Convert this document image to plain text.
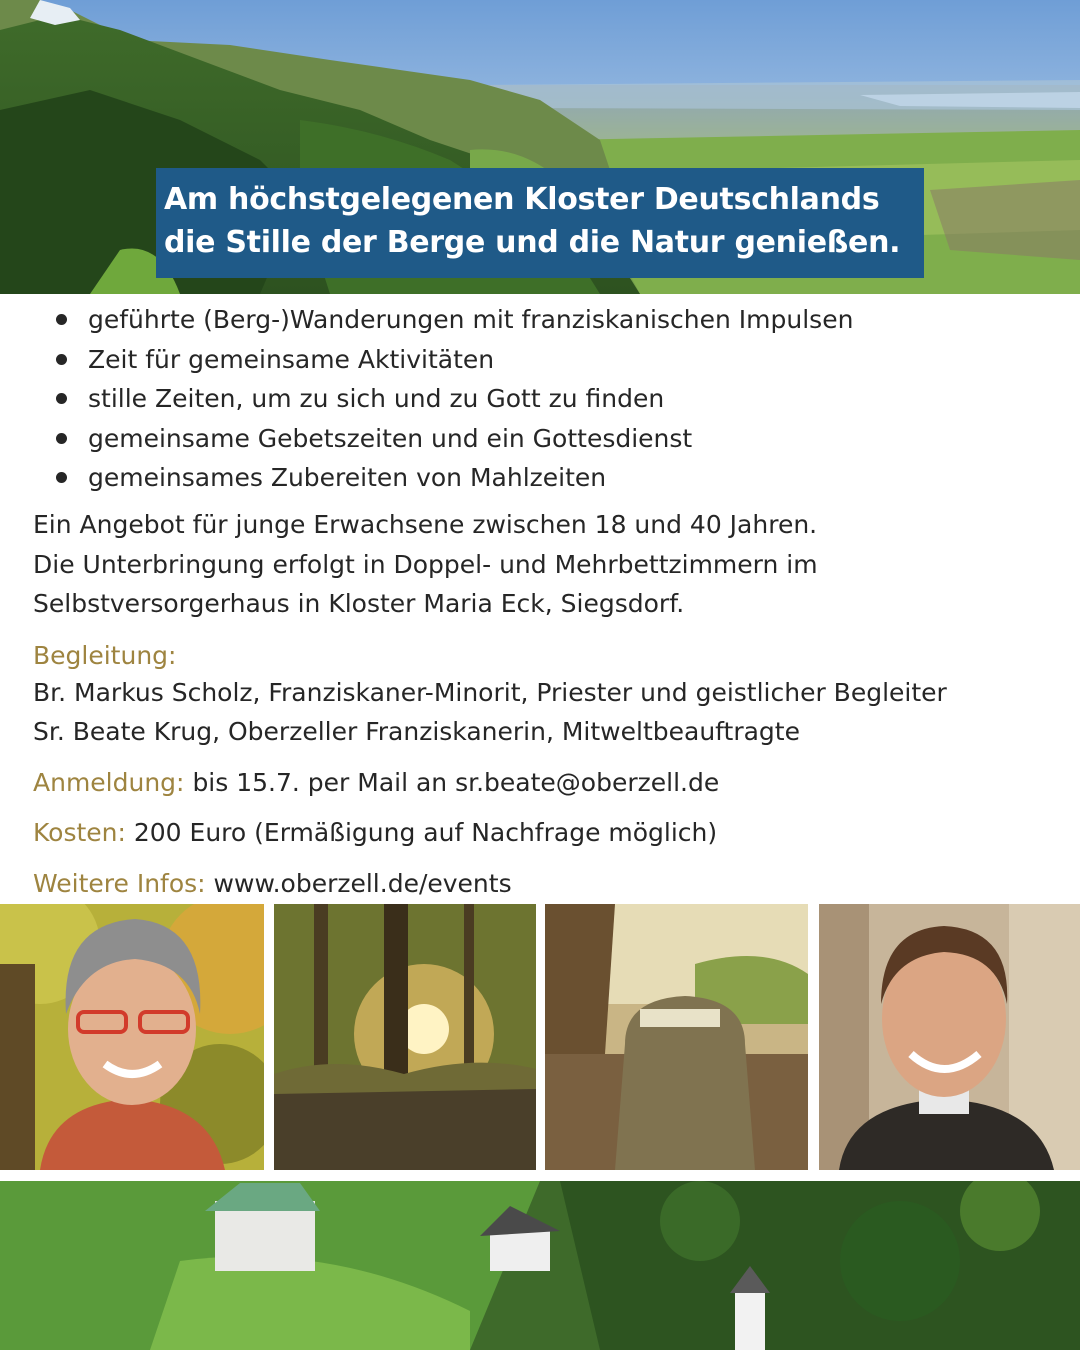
Am höchstgelegenen Kloster Deutschlands
die Stille der Berge und die Natur genießen.
geführte (Berg-)Wanderungen mit franziskanischen Impulsen
Zeit für gemeinsame Aktivitäten
stille Zeiten, um zu sich und zu Gott zu finden
gemeinsame Gebetszeiten und ein Gottesdienst
gemeinsames Zubereiten von Mahlzeiten
Ein Angebot für junge Erwachsene zwischen 18 und 40 Jahren.
Die Unterbringung erfolgt in Doppel- und Mehrbettzimmern im
Selbstversorgerhaus in Kloster Maria Eck, Siegsdorf.
Begleitung:
Br. Markus Scholz, Franziskaner-Minorit, Priester und geistlicher Begleiter
Sr. Beate Krug, Oberzeller Franziskanerin, Mitweltbeauftragte
Anmeldung: bis 15.7. per Mail an sr.beate@oberzell.de
Kosten: 200 Euro (Ermäßigung auf Nachfrage möglich)
Weitere Infos: www.oberzell.de/events
